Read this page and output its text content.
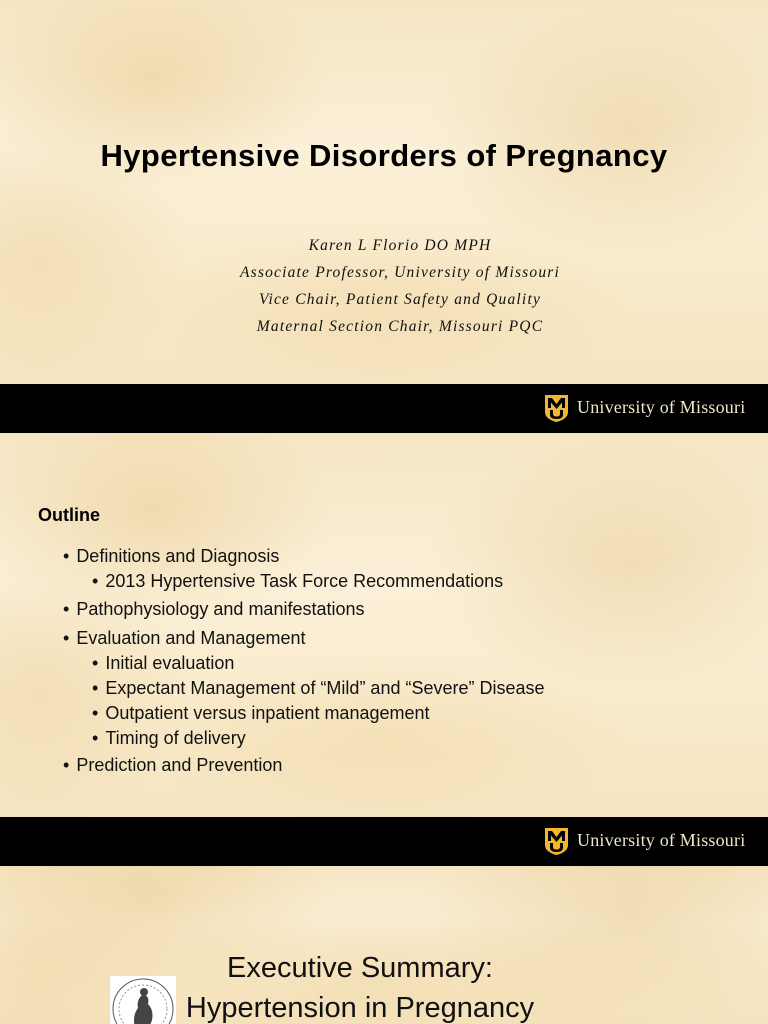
Hypertensive Disorders of Pregnancy
Karen L Florio DO MPH
Associate Professor, University of Missouri
Vice Chair, Patient Safety and Quality
Maternal Section Chair, Missouri PQC
University of Missouri
Outline
• Definitions and Diagnosis
• 2013 Hypertensive Task Force Recommendations
• Pathophysiology and manifestations
• Evaluation and Management
• Initial evaluation
• Expectant Management of “Mild” and “Severe” Disease
• Outpatient versus inpatient management
• Timing of delivery
• Prediction and Prevention
University of Missouri
Executive Summary:
Hypertension in Pregnancy
